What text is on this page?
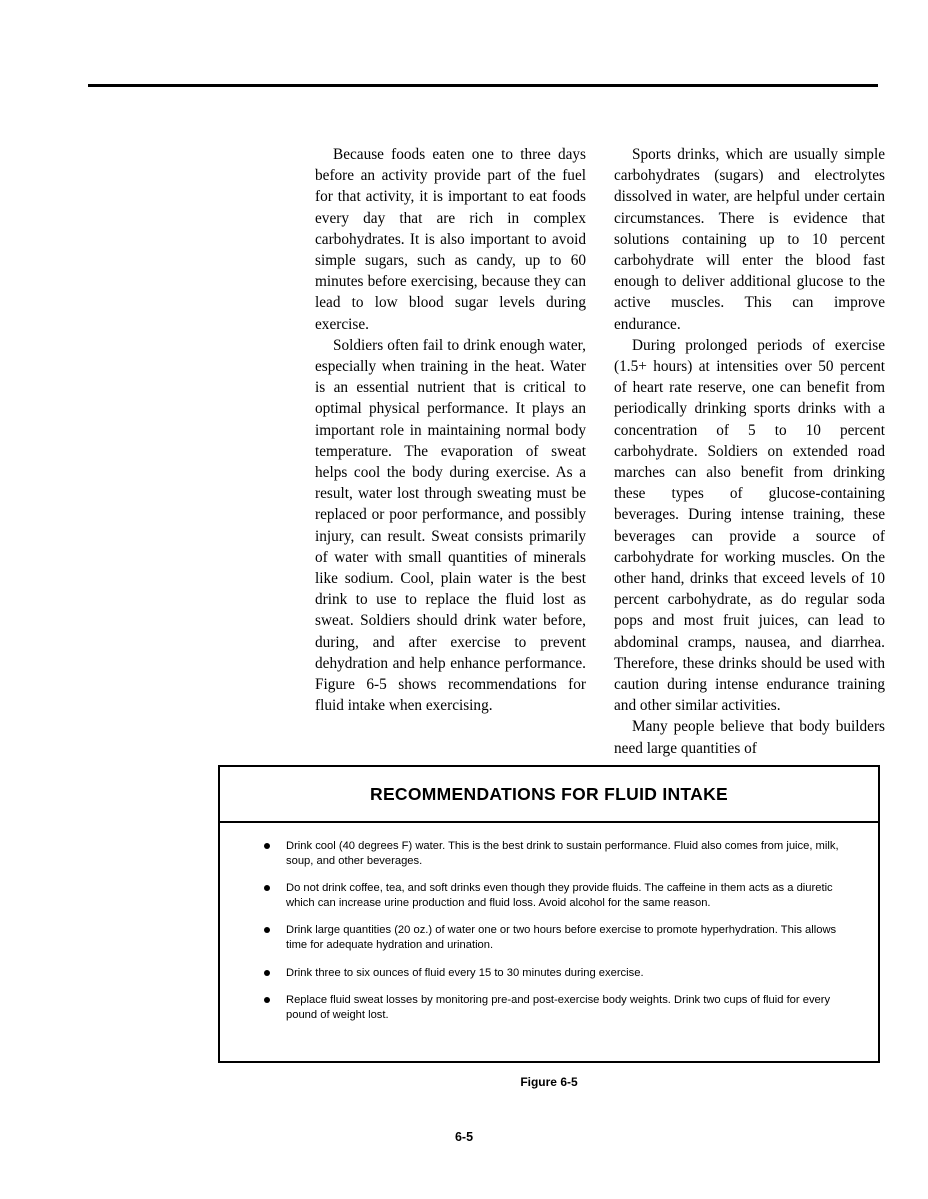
Because foods eaten one to three days before an activity provide part of the fuel for that activity, it is important to eat foods every day that are rich in complex carbohydrates. It is also important to avoid simple sugars, such as candy, up to 60 minutes before exercising, because they can lead to low blood sugar levels during exercise.

Soldiers often fail to drink enough water, especially when training in the heat. Water is an essential nutrient that is critical to optimal physical performance. It plays an important role in maintaining normal body temperature. The evaporation of sweat helps cool the body during exercise. As a result, water lost through sweating must be replaced or poor performance, and possibly injury, can result. Sweat consists primarily of water with small quantities of minerals like sodium. Cool, plain water is the best drink to use to replace the fluid lost as sweat. Soldiers should drink water before, during, and after exercise to prevent dehydration and help enhance performance. Figure 6-5 shows recommendations for fluid intake when exercising.

Sports drinks, which are usually simple carbohydrates (sugars) and electrolytes dissolved in water, are helpful under certain circumstances. There is evidence that solutions containing up to 10 percent carbohydrate will enter the blood fast enough to deliver additional glucose to the active muscles. This can improve endurance.

During prolonged periods of exercise (1.5+ hours) at intensities over 50 percent of heart rate reserve, one can benefit from periodically drinking sports drinks with a concentration of 5 to 10 percent carbohydrate. Soldiers on extended road marches can also benefit from drinking these types of glucose-containing beverages. During intense training, these beverages can provide a source of carbohydrate for working muscles. On the other hand, drinks that exceed levels of 10 percent carbohydrate, as do regular soda pops and most fruit juices, can lead to abdominal cramps, nausea, and diarrhea. Therefore, these drinks should be used with caution during intense endurance training and other similar activities.

Many people believe that body builders need large quantities of

RECOMMENDATIONS FOR FLUID INTAKE
Drink cool (40 degrees F) water. This is the best drink to sustain performance. Fluid also comes from juice, milk, soup, and other beverages.
Do not drink coffee, tea, and soft drinks even though they provide fluids. The caffeine in them acts as a diuretic which can increase urine production and fluid loss. Avoid alcohol for the same reason.
Drink large quantities (20 oz.) of water one or two hours before exercise to promote hyperhydration. This allows time for adequate hydration and urination.
Drink three to six ounces of fluid every 15 to 30 minutes during exercise.
Replace fluid sweat losses by monitoring pre-and post-exercise body weights. Drink two cups of fluid for every pound of weight lost.
Figure 6-5
6-5
